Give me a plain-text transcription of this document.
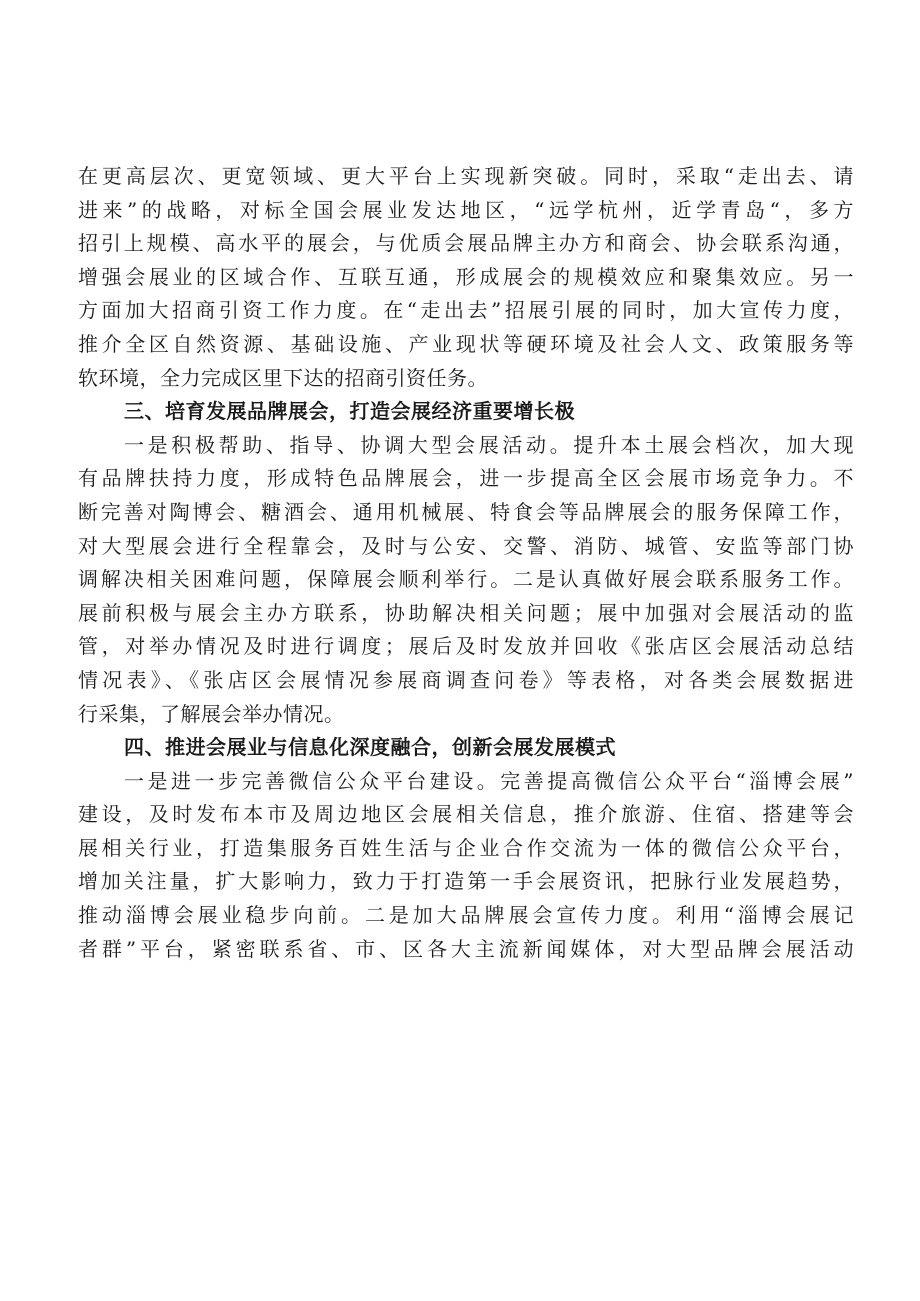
在更高层次、更宽领域、更大平台上实现新突破。同时，采取“走出去、请
进来”的战略，对标全国会展业发达地区，“远学杭州，近学青岛“，多方
招引上规模、高水平的展会，与优质会展品牌主办方和商会、协会联系沟通，
增强会展业的区域合作、互联互通，形成展会的规模效应和聚集效应。另一
方面加大招商引资工作力度。在“走出去”招展引展的同时，加大宣传力度，
推介全区自然资源、基础设施、产业现状等硬环境及社会人文、政策服务等
软环境，全力完成区里下达的招商引资任务。
三、培育发展品牌展会，打造会展经济重要增长极
一是积极帮助、指导、协调大型会展活动。提升本土展会档次，加大现
有品牌扶持力度，形成特色品牌展会，进一步提高全区会展市场竞争力。不
断完善对陶博会、糖酒会、通用机械展、特食会等品牌展会的服务保障工作，
对大型展会进行全程靠会，及时与公安、交警、消防、城管、安监等部门协
调解决相关困难问题，保障展会顺利举行。二是认真做好展会联系服务工作。
展前积极与展会主办方联系，协助解决相关问题；展中加强对会展活动的监
管，对举办情况及时进行调度；展后及时发放并回收《张店区会展活动总结
情况表》、《张店区会展情况参展商调查问卷》等表格，对各类会展数据进
行采集，了解展会举办情况。
四、推进会展业与信息化深度融合，创新会展发展模式
一是进一步完善微信公众平台建设。完善提高微信公众平台“淄博会展”
建设，及时发布本市及周边地区会展相关信息，推介旅游、住宿、搭建等会
展相关行业，打造集服务百姓生活与企业合作交流为一体的微信公众平台，
增加关注量，扩大影响力，致力于打造第一手会展资讯，把脉行业发展趋势，
推动淄博会展业稳步向前。二是加大品牌展会宣传力度。利用“淄博会展记
者群”平台，紧密联系省、市、区各大主流新闻媒体，对大型品牌会展活动
